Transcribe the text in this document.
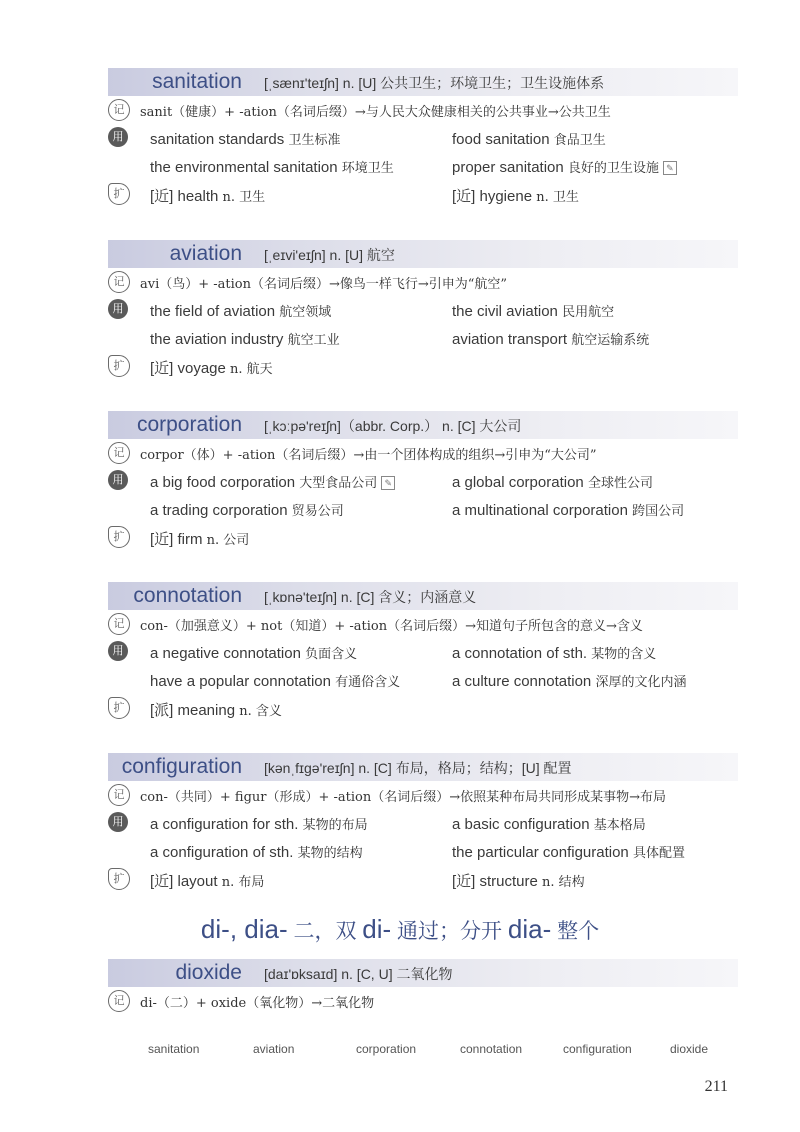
sanitation [ˌsænɪ'teɪʃn] n. [U] 公共卫生；环境卫生；卫生设施体系
记	sanit（健康）+ -ation（名词后缀）→与人民大众健康相关的公共事业→公共卫生
用	sanitation standards 卫生标准	food sanitation 食品卫生
the environmental sanitation 环境卫生	proper sanitation 良好的卫生设施 ✎
扩	[近] health n. 卫生	[近] hygiene n. 卫生
aviation [ˌeɪvi'eɪʃn] n. [U] 航空
记	avi（鸟）+ -ation（名词后缀）→像鸟一样飞行→引申为“航空”
用	the field of aviation 航空领域	the civil aviation 民用航空
the aviation industry 航空工业	aviation transport 航空运输系统
扩	[近] voyage n. 航天
corporation [ˌkɔːpə'reɪʃn]（abbr. Corp.） n. [C] 大公司
记	corpor（体）+ -ation（名词后缀）→由一个团体构成的组织→引申为“大公司”
用	a big food corporation 大型食品公司 ✎	a global corporation 全球性公司
a trading corporation 贸易公司	a multinational corporation 跨国公司
扩	[近] firm n. 公司
connotation [ˌkɒnə'teɪʃn] n. [C] 含义；内涵意义
记	con-（加强意义）+ not（知道）+ -ation（名词后缀）→知道句子所包含的意义→含义
用	a negative connotation 负面含义	a connotation of sth. 某物的含义
have a popular connotation 有通俗含义	a culture connotation 深厚的文化内涵
扩	[派] meaning n. 含义
configuration [kənˌfɪɡə'reɪʃn] n. [C] 布局，格局；结构；[U] 配置
记	con-（共同）+ figur（形成）+ -ation（名词后缀）→依照某种布局共同形成某事物→布局
用	a configuration for sth. 某物的布局	a basic configuration 基本格局
a configuration of sth. 某物的结构	the particular configuration 具体配置
扩	[近] layout n. 布局	[近] structure n. 结构
di-, dia- 二，双 di- 通过；分开 dia- 整个
dioxide [daɪ'ɒksaɪd] n. [C, U] 二氧化物
记	di-（二）+ oxide（氧化物）→二氧化物
sanitation	aviation	corporation	connotation	configuration	dioxide
211
